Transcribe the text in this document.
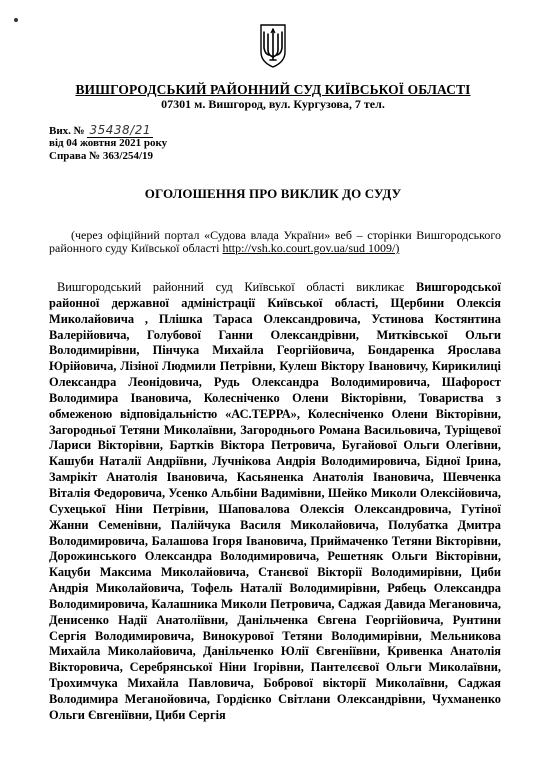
ВИШГОРОДСЬКИЙ РАЙОННИЙ СУД КИЇВСЬКОЇ ОБЛАСТІ
07301 м. Вишгород, вул. Кургузова, 7 тел.
Вих. № 35438/21
від 04 жовтня 2021 року
Справа № 363/254/19
ОГОЛОШЕННЯ ПРО ВИКЛИК ДО СУДУ
(через офіційний портал «Судова влада України» веб – сторінки Вишгородського районного суду Київської області http://vsh.ko.court.gov.ua/sud 1009/)
Вишгородський районний суд Київської області викликає Вишгородської районної державної адміністрації Київської області, Щербини Олексія Миколайовича , Плішка Тараса Олександровича, Устинова Костянтина Валерійовича, Голубової Ганни Олександрівни, Митківської Ольги Володимирівни, Пінчука Михайла Георгійовича, Бондаренка Ярослава Юрійовича, Лізіної Людмили Петрівни, Кулеш Віктору Івановичу, Кирикилиці Олександра Леонідовича, Рудь Олександра Володимировича, Шафорост Володимира Івановича, Колесніченко Олени Вікторівни, Товариства з обмеженою відповідальністю «АС.ТЕРРА», Колесніченко Олени Вікторівни, Загородньої Тетяни Миколаївни, Загороднього Романа Васильовича, Туріщевої Лариси Вікторівни, Бартків Віктора Петровича, Бугайової Ольги Олегівни, Кашуби Наталії Андріївни, Лучнікова Андрія Володимировича, Бідної Ірина, Замрікіт Анатолія Івановича, Касьяненка Анатолія Івановича, Шевченка Віталія Федоровича, Усенко Альбіни Вадимівни, Шейко Миколи Олексійовича, Сухецької Ніни Петрівни, Шаповалова Олексія Олександровича, Гутіної Жанни Семенівни, Палійчука Василя Миколайовича, Полубатка Дмитра Володимировича, Балашова Ігоря Івановича, Приймаченко Тетяни Вікторівни, Дорожинського Олександра Володимировича, Решетняк Ольги Вікторівни, Кацуби Максима Миколайовича, Станєвої Вікторії Володимирівни, Циби Андрія Миколайовича, Тофель Наталії Володимирівни, Рябець Олександра Володимировича, Калашника Миколи Петровича, Саджая Давида Мегановича, Денисенко Надії Анатоліївни, Данільченка Євгена Георгійовича, Рунтини Сергія Володимировича, Винокурової Тетяни Володимирівни, Мельникова Михайла Миколайовича, Данільченко Юлії Євгеніївни, Кривенка Анатолія Вікторовича, Серебрянської Ніни Ігорівни, Пантелєєвої Ольги Миколаївни, Трохимчука Михайла Павловича, Бобрової вікторії Миколаївни, Саджая Володимира Меганойовича, Гордієнко Світлани Олександрівни, Чухманенко Ольги Євгеніївни, Циби Сергія
